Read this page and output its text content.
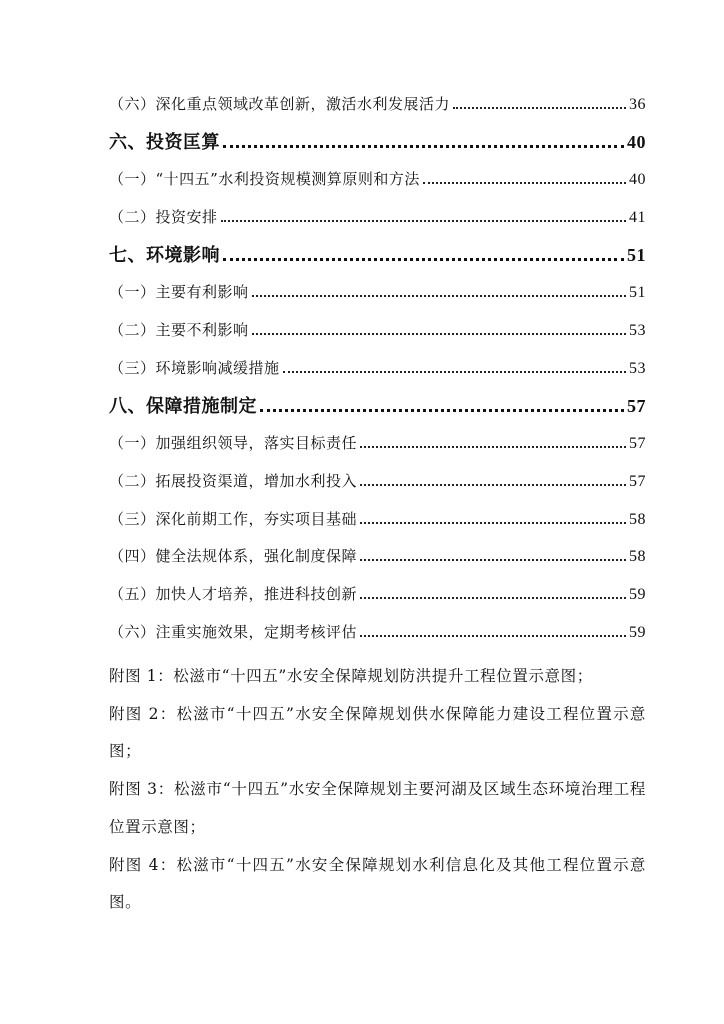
（六）深化重点领域改革创新，激活水利发展活力	36
六、投资匡算	40
（一）“十四五”水利投资规模测算原则和方法	40
（二）投资安排	41
七、环境影响	51
（一）主要有利影响	51
（二）主要不利影响	53
（三）环境影响减缓措施	53
八、保障措施制定	57
（一）加强组织领导，落实目标责任	57
（二）拓展投资渠道，增加水利投入	57
（三）深化前期工作，夯实项目基础	58
（四）健全法规体系，强化制度保障	58
（五）加快人才培养，推进科技创新	59
（六）注重实施效果，定期考核评估	59

附图 1：松滋市“十四五”水安全保障规划防洪提升工程位置示意图；

附图 2：松滋市“十四五”水安全保障规划供水保障能力建设工程位置示意图；

附图 3：松滋市“十四五”水安全保障规划主要河湖及区域生态环境治理工程位置示意图；

附图 4：松滋市“十四五”水安全保障规划水利信息化及其他工程位置示意图。
